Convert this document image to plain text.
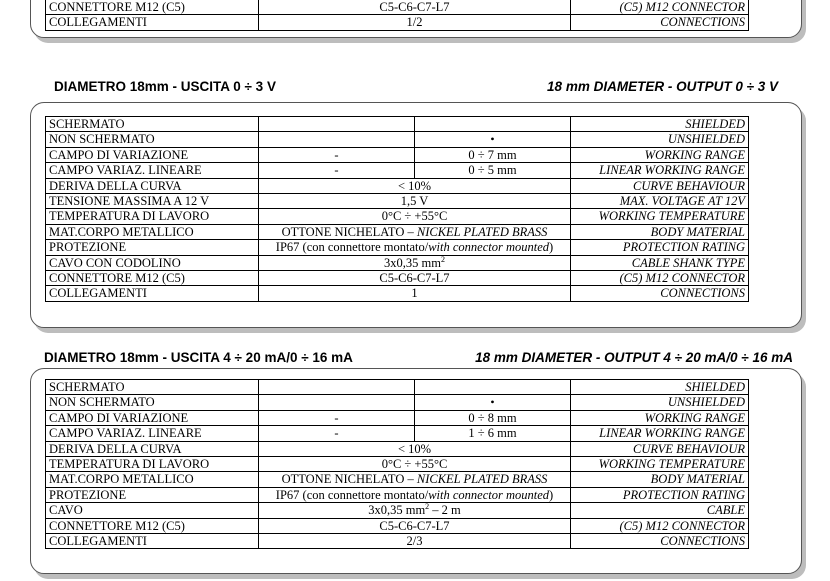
CONNETTORE M12 (C5)	C5-C6-C7-L7	(C5) M12 CONNECTOR
COLLEGAMENTI	1/2	CONNECTIONS
DIAMETRO 18mm - USCITA 0 ÷ 3 V	18 mm DIAMETER - OUTPUT 0 ÷ 3 V
SCHERMATO			SHIELDED
NON SCHERMATO		•	UNSHIELDED
CAMPO DI VARIAZIONE	-	0 ÷ 7 mm	WORKING RANGE
CAMPO VARIAZ. LINEARE	-	0 ÷ 5 mm	LINEAR WORKING RANGE
DERIVA DELLA CURVA	< 10%		CURVE BEHAVIOUR
TENSIONE MASSIMA A 12 V	1,5 V		MAX. VOLTAGE AT 12V
TEMPERATURA DI LAVORO	0°C ÷ +55°C		WORKING TEMPERATURE
MAT.CORPO METALLICO	OTTONE NICHELATO – NICKEL PLATED BRASS		BODY MATERIAL
PROTEZIONE	IP67 (con connettore montato/with connector mounted)		PROTECTION RATING
CAVO CON CODOLINO	3x0,35 $mm^2$		CABLE SHANK TYPE
CONNETTORE M12 (C5)	C5-C6-C7-L7		(C5) M12 CONNECTOR
COLLEGAMENTI	1		CONNECTIONS
DIAMETRO 18mm - USCITA 4 ÷ 20 mA/0 ÷ 16 mA	18 mm DIAMETER - OUTPUT 4 ÷ 20 mA/0 ÷ 16 mA
SCHERMATO			SHIELDED
NON SCHERMATO		•	UNSHIELDED
CAMPO DI VARIAZIONE	-	0 ÷ 8 mm	WORKING RANGE
CAMPO VARIAZ. LINEARE	-	1 ÷ 6 mm	LINEAR WORKING RANGE
DERIVA DELLA CURVA	< 10%		CURVE BEHAVIOUR
TEMPERATURA DI LAVORO	0°C ÷ +55°C		WORKING TEMPERATURE
MAT.CORPO METALLICO	OTTONE NICHELATO – NICKEL PLATED BRASS		BODY MATERIAL
PROTEZIONE	IP67 (con connettore montato/with connector mounted)		PROTECTION RATING
CAVO	3x0,35 $mm^2 - 2$ m		CABLE
CONNETTORE M12 (C5)	C5-C6-C7-L7		(C5) M12 CONNECTOR
COLLEGAMENTI	2/3		CONNECTIONS
